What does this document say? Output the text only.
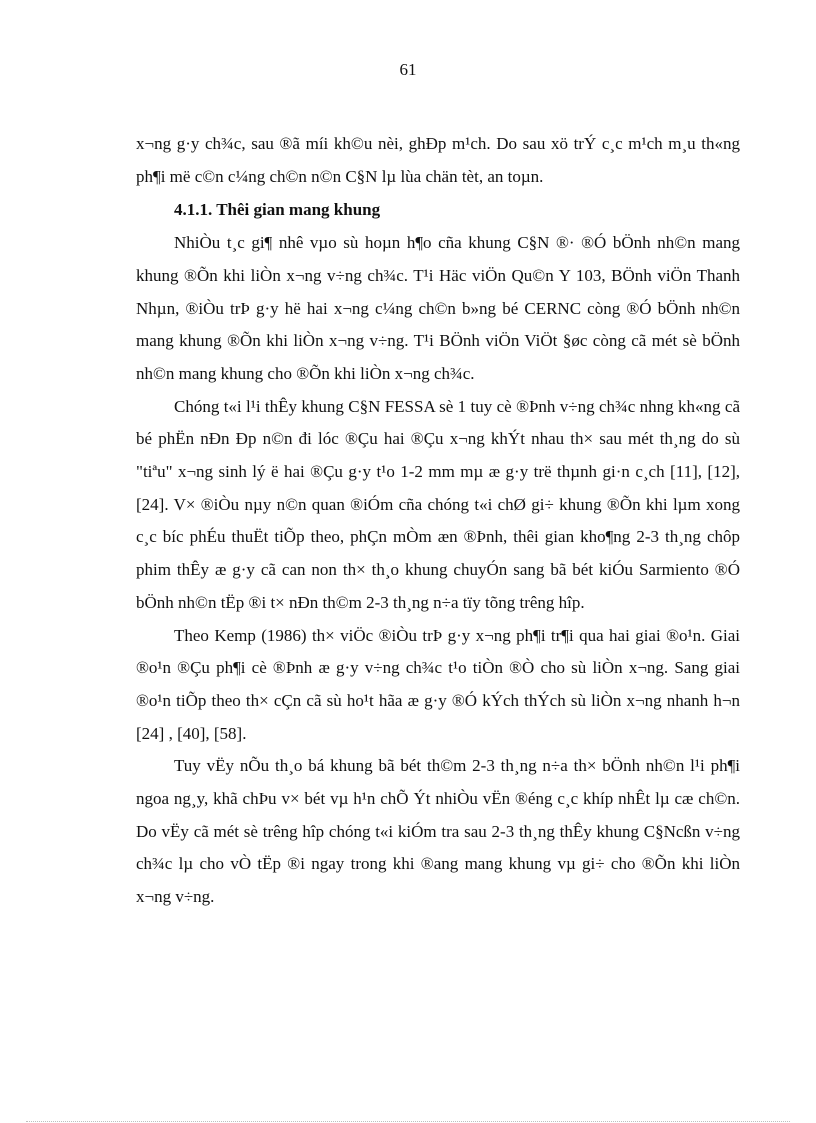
61

x¬ng g·y ch¾c, sau ®ã míi kh©u nèi, ghÐp m¹ch. Do sau xö trÝ c¸c m¹ch m¸u th«ng ph¶i më c©n c¼ng ch©n n©n C§N lµ lùa chän tèt, an toµn.

4.1.1. Thêi gian mang khung

NhiÒu t¸c gi¶ nhê vµo sù hoµn h¶o cña khung C§N ®· ®Ó bÖnh nh©n mang khung ®Õn khi liÒn x¬ng v÷ng ch¾c. T¹i Häc viÖn Qu©n Y 103, BÖnh viÖn Thanh Nhµn, ®iÒu trÞ g·y hë hai x¬ng c¼ng ch©n b»ng bé CERNC còng ®Ó bÖnh nh©n mang khung ®Õn khi liÒn x¬ng v÷ng. T¹i BÖnh viÖn ViÖt §øc còng cã mét sè bÖnh nh©n mang khung cho ®Õn khi liÒn x¬ng ch¾c.

Chóng t«i l¹i thÊy khung C§N FESSA sè 1 tuy cè ®Þnh v÷ng ch¾c nhng kh«ng cã bé phËn nÐn Ðp n©n đi lóc ®Çu hai ®Çu x¬ng khÝt nhau th× sau mét th¸ng do sù "tiªu" x¬ng sinh lý ë hai ®Çu g·y t¹o 1-2 mm mµ æ g·y trë thµnh gi·n c¸ch [11], [12], [24]. V× ®iÒu nµy n©n quan ®iÓm cña chóng t«i chØ gi÷ khung ®Õn khi lµm xong c¸c bíc phÉu thuËt tiÕp theo, phÇn mÒm æn ®Þnh, thêi gian kho¶ng 2-3 th¸ng chôp phim thÊy æ g·y cã can non th× th¸o khung chuyÓn sang bã bét kiÓu Sarmiento ®Ó bÖnh nh©n tËp ®i t× nÐn th©m 2-3 th¸ng n÷a tïy tõng trêng hîp.

Theo Kemp (1986) th× viÖc ®iÒu trÞ g·y x¬ng ph¶i tr¶i qua hai giai ®o¹n. Giai ®o¹n ®Çu ph¶i cè ®Þnh æ g·y v÷ng ch¾c t¹o tiÒn ®Ò cho sù liÒn x¬ng. Sang giai ®o¹n tiÕp theo th× cÇn cã sù ho¹t hãa æ g·y ®Ó kÝch thÝch sù liÒn x¬ng nhanh h¬n [24] , [40], [58].

Tuy vËy nÕu th¸o bá khung bã bét th©m 2-3 th¸ng n÷a th× bÖnh nh©n l¹i ph¶i ngoa ng¸y, khã chÞu v× bét vµ h¹n chÕ Ýt nhiÒu vËn ®éng c¸c khíp nhÊt lµ cæ ch©n. Do vËy cã mét sè trêng hîp chóng t«i kiÓm tra sau 2-3 th¸ng thÊy khung C§Ncßn v÷ng ch¾c lµ cho vÒ tËp ®i ngay trong khi ®ang mang khung vµ gi÷ cho ®Õn khi liÒn x¬ng v÷ng.
